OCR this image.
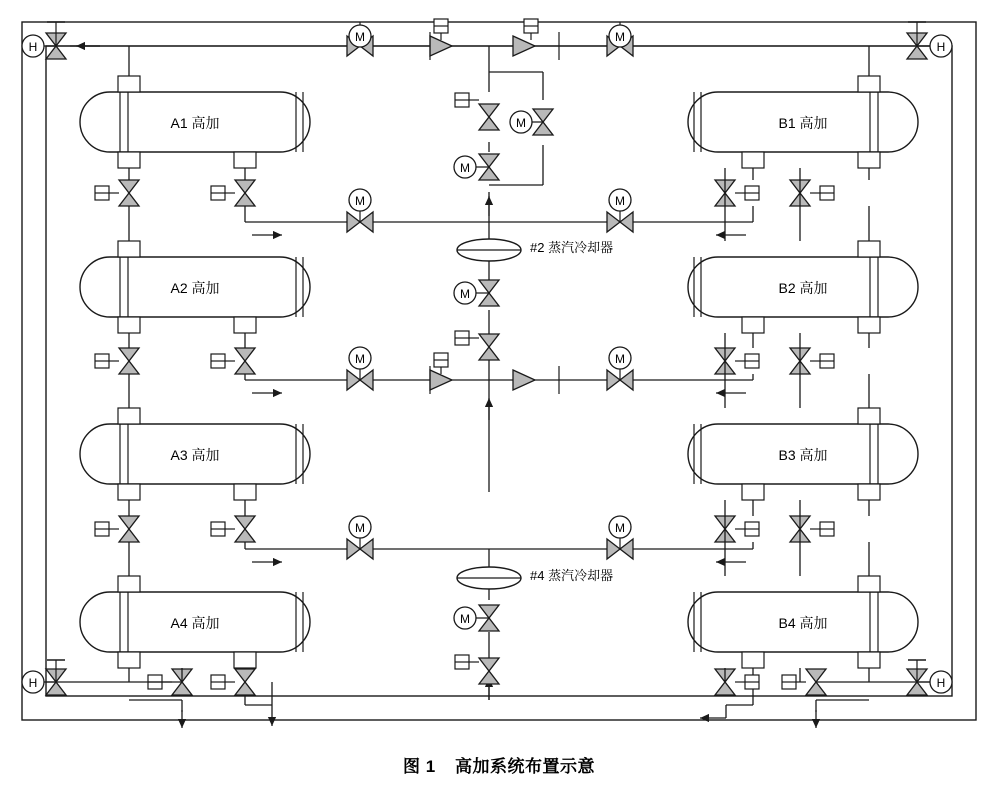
A1 高加
A2 高加
A3 高加
A4 高加
B1 高加
B2 高加
B3 高加
B4 高加
#2 蒸汽冷却器
#4 蒸汽冷却器
M	M
H	H
H	H
M
M
M	M
M
M	M
M	M
M
图 1 高加系统布置示意
